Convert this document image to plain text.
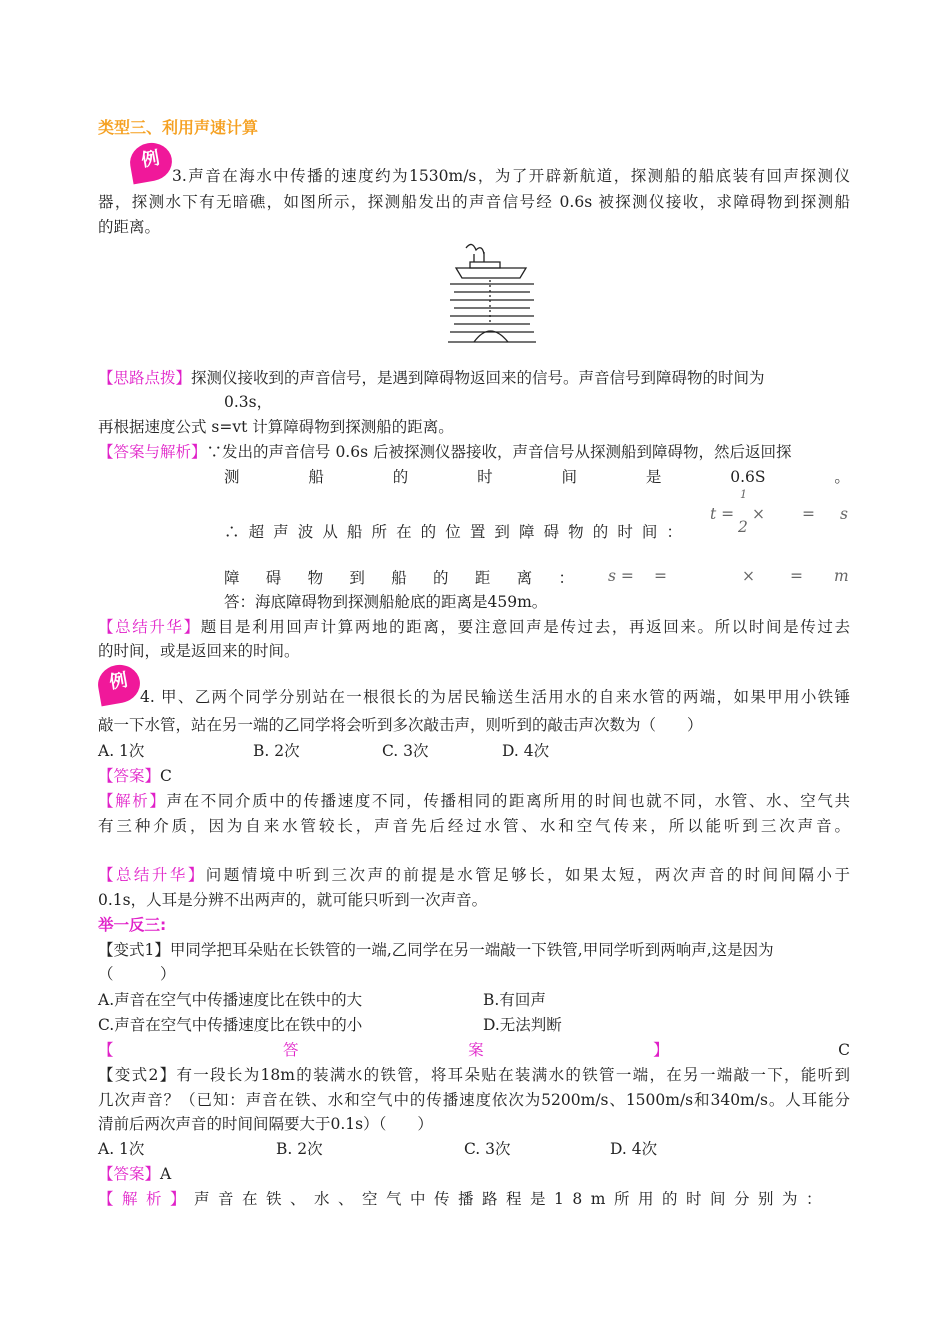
类型三、利用声速计算
例
3.声音在海水中传播的速度约为1530m/s，为了开辟新航道，探测船的船底装有回声探测仪
器，探测水下有无暗礁，如图所示，探测船发出的声音信号经 0.6s 被探测仪接收，求障碍物到探测船
的距离。
【思路点拨】探测仪接收到的声音信号，是遇到障碍物返回来的信号。声音信号到障碍物的时间为
0.3s，
再根据速度公式 s=vt 计算障碍物到探测船的距离。
【答案与解析】∵发出的声音信号 0.6s 后被探测仪器接收，声音信号从探测船到障碍物，然后返回探
测	船	的	时	间	是	0.6S	。
∴超声波从船所在的位置到障碍物的时间：
t =
1
2
× = s
障碍物到船的距离： s = =	× = m
答：海底障碍物到探测船舱底的距离是459m。
【总结升华】题目是利用回声计算两地的距离，要注意回声是传过去，再返回来。所以时间是传过去
的时间，或是返回来的时间。
例
4. 甲、乙两个同学分别站在一根很长的为居民输送生活用水的自来水管的两端，如果甲用小铁锤
敲一下水管，站在另一端的乙同学将会听到多次敲击声，则听到的敲击声次数为（　　）
A. 1次	B. 2次	C. 3次	D. 4次
【答案】C
【解析】声在不同介质中的传播速度不同，传播相同的距离所用的时间也就不同，水管、水、空气共
有三种介质，因为自来水管较长，声音先后经过水管、水和空气传来，所以能听到三次声音。
【总结升华】问题情境中听到三次声的前提是水管足够长，如果太短，两次声音的时间间隔小于
0.1s，人耳是分辨不出两声的，就可能只听到一次声音。
举一反三:
【变式1】甲同学把耳朵贴在长铁管的一端,乙同学在另一端敲一下铁管,甲同学听到两响声,这是因为
（　　　）
A.声音在空气中传播速度比在铁中的大	B.有回声
C.声音在空气中传播速度比在铁中的小	D.无法判断
【	答	案	】	C
【变式2】有一段长为18m的装满水的铁管，将耳朵贴在装满水的铁管一端，在另一端敲一下，能听到
几次声音？（已知：声音在铁、水和空气中的传播速度依次为5200m/s、1500m/s和340m/s。人耳能分
清前后两次声音的时间间隔要大于0.1s）（　　）
A. 1次	B. 2次	C. 3次	D. 4次
【答案】A
【解析】声音在铁、水、空气中传播路程是18m所用的时间分别为：
